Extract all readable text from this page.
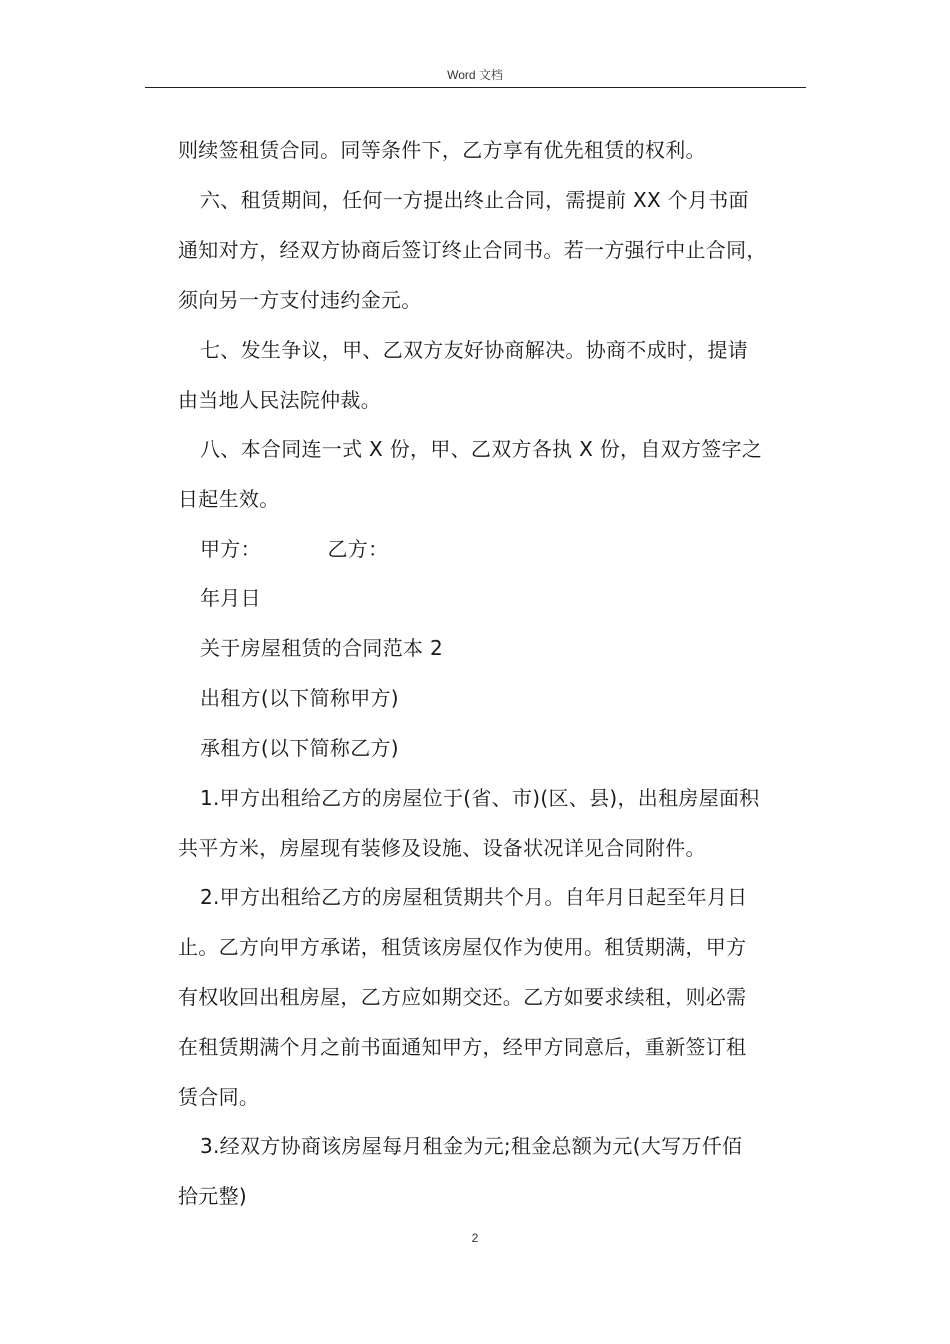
Word 文档
则续签租赁合同。同等条件下，乙方享有优先租赁的权利。
六、租赁期间，任何一方提出终止合同，需提前 XX 个月书面
通知对方，经双方协商后签订终止合同书。若一方强行中止合同，
须向另一方支付违约金元。
七、发生争议，甲、乙双方友好协商解决。协商不成时，提请
由当地人民法院仲裁。
八、本合同连一式 X 份，甲、乙双方各执 X 份，自双方签字之
日起生效。
甲方：          乙方：
年月日
关于房屋租赁的合同范本 2
出租方(以下简称甲方)
承租方(以下简称乙方)
1.甲方出租给乙方的房屋位于(省、市)(区、县)，出租房屋面积
共平方米，房屋现有装修及设施、设备状况详见合同附件。
2.甲方出租给乙方的房屋租赁期共个月。自年月日起至年月日
止。乙方向甲方承诺，租赁该房屋仅作为使用。租赁期满，甲方
有权收回出租房屋，乙方应如期交还。乙方如要求续租，则必需
在租赁期满个月之前书面通知甲方，经甲方同意后，重新签订租
赁合同。
3.经双方协商该房屋每月租金为元;租金总额为元(大写万仟佰
拾元整)
2
